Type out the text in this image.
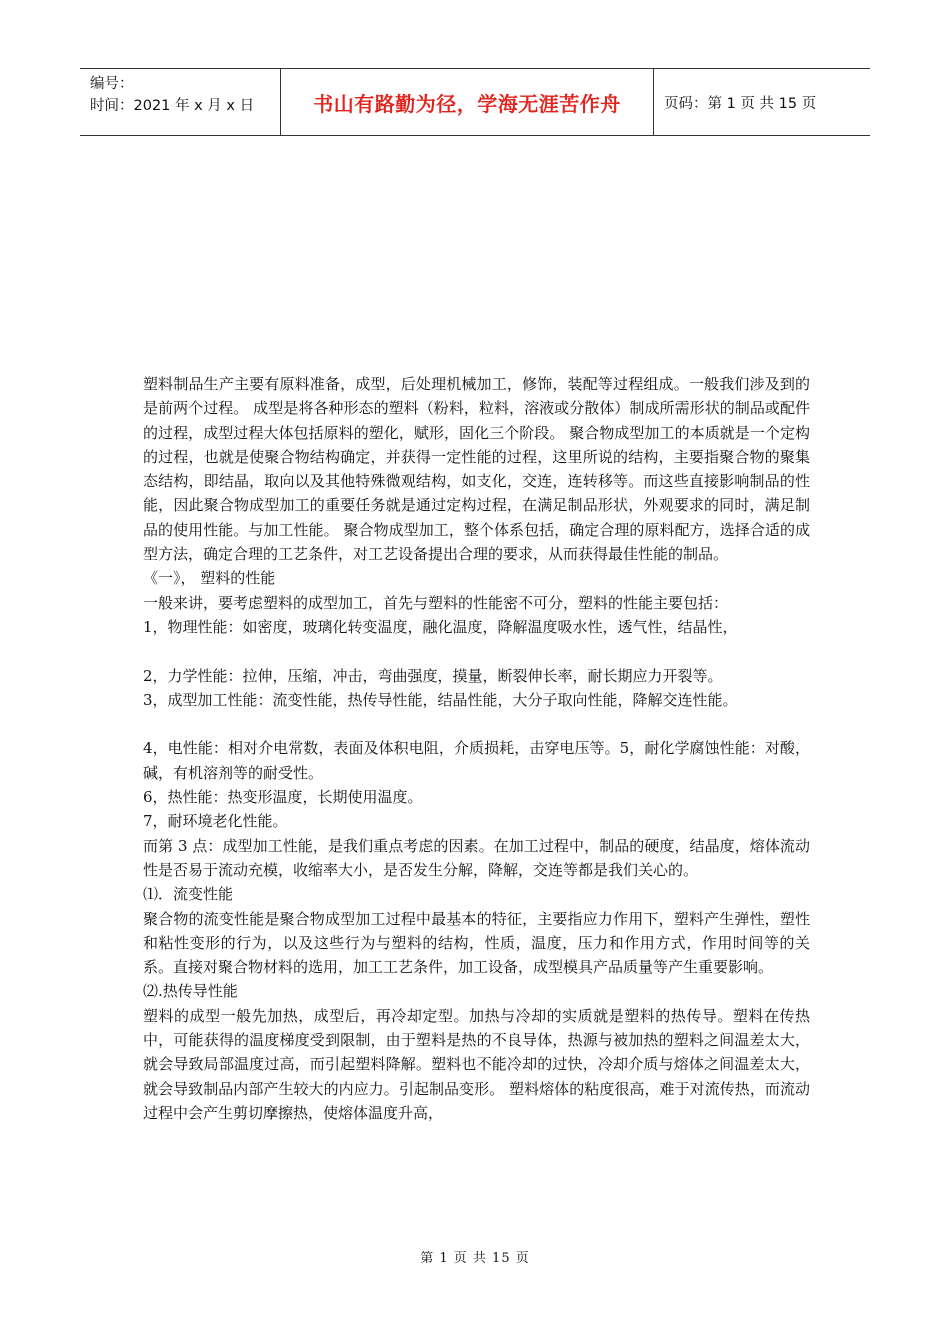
编号：
时间：2021 年 x 月 x 日	书山有路勤为径，学海无涯苦作舟	页码：第 1 页 共 15 页

塑料制品生产主要有原料准备，成型，后处理机械加工，修饰，装配等过程组成。一般我们涉及到的是前两个过程。 成型是将各种形态的塑料（粉料，粒料，溶液或分散体）制成所需形状的制品或配件的过程，成型过程大体包括原料的塑化，赋形，固化三个阶段。 聚合物成型加工的本质就是一个定构的过程，也就是使聚合物结构确定，并获得一定性能的过程，这里所说的结构，主要指聚合物的聚集态结构，即结晶，取向以及其他特殊微观结构，如支化，交连，连转移等。而这些直接影响制品的性能，因此聚合物成型加工的重要任务就是通过定构过程，在满足制品形状，外观要求的同时，满足制品的使用性能。与加工性能。 聚合物成型加工，整个体系包括，确定合理的原料配方，选择合适的成型方法，确定合理的工艺条件，对工艺设备提出合理的要求，从而获得最佳性能的制品。

《一》， 塑料的性能

一般来讲，要考虑塑料的成型加工，首先与塑料的性能密不可分，塑料的性能主要包括：

1，物理性能：如密度，玻璃化转变温度，融化温度，降解温度吸水性，透气性，结晶性，

2，力学性能：拉伸，压缩，冲击，弯曲强度，摸量，断裂伸长率，耐长期应力开裂等。

3，成型加工性能：流变性能，热传导性能，结晶性能，大分子取向性能，降解交连性能。

4，电性能：相对介电常数，表面及体积电阻，介质损耗，击穿电压等。5，耐化学腐蚀性能：对酸，碱，有机溶剂等的耐受性。

6，热性能：热变形温度，长期使用温度。

7，耐环境老化性能。

而第 3 点：成型加工性能，是我们重点考虑的因素。在加工过程中，制品的硬度，结晶度，熔体流动性是否易于流动充模，收缩率大小，是否发生分解，降解，交连等都是我们关心的。

⑴．流变性能

聚合物的流变性能是聚合物成型加工过程中最基本的特征，主要指应力作用下，塑料产生弹性，塑性和粘性变形的行为，以及这些行为与塑料的结构，性质，温度，压力和作用方式，作用时间等的关系。直接对聚合物材料的选用，加工工艺条件，加工设备，成型模具产品质量等产生重要影响。

⑵.热传导性能

塑料的成型一般先加热，成型后，再冷却定型。加热与冷却的实质就是塑料的热传导。塑料在传热中，可能获得的温度梯度受到限制，由于塑料是热的不良导体，热源与被加热的塑料之间温差太大，就会导致局部温度过高，而引起塑料降解。塑料也不能冷却的过快，冷却介质与熔体之间温差太大，就会导致制品内部产生较大的内应力。引起制品变形。 塑料熔体的粘度很高，难于对流传热，而流动过程中会产生剪切摩擦热，使熔体温度升高，

第 1 页 共 15 页
